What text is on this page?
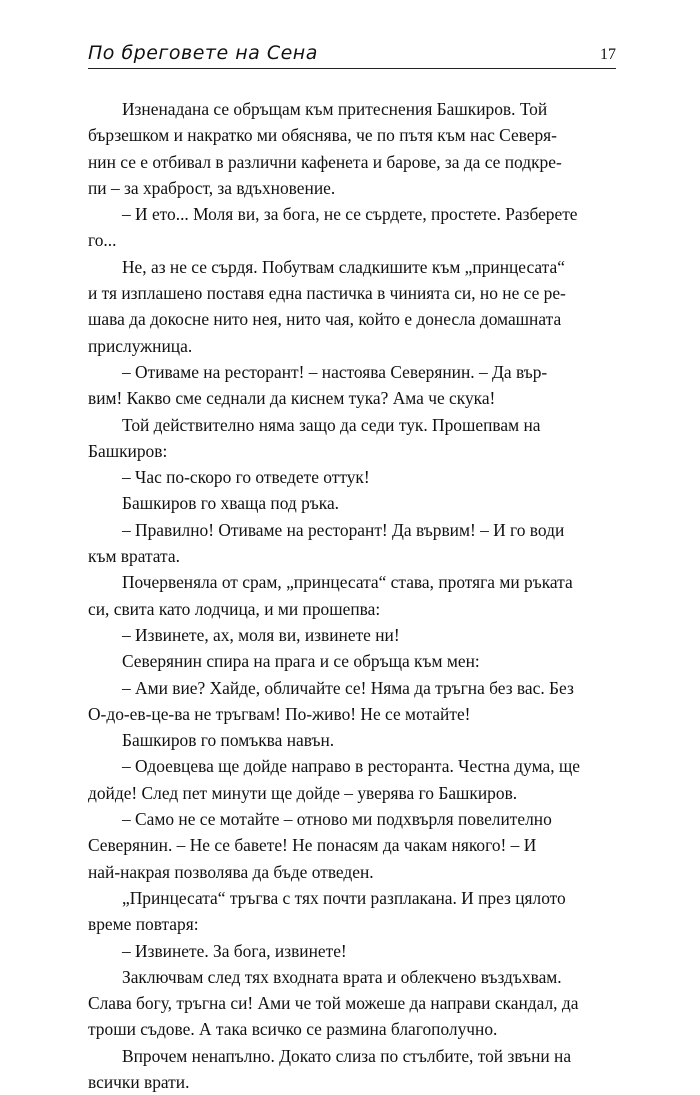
По бреговете на Сена	17
Изненадана се обръщам към притеснения Башкиров. Той
бързешком и накратко ми обяснява, че по пътя към нас Северя-
нин се е отбивал в различни кафенета и барове, за да се подкре-
пи – за храброст, за вдъхновение.
– И ето... Моля ви, за бога, не се сърдете, простете. Разберете
го...
Не, аз не се сърдя. Побутвам сладкишите към „принцесата“
и тя изплашено поставя една пастичка в чинията си, но не се ре-
шава да докосне нито нея, нито чая, който е донесла домашната
прислужница.
– Отиваме на ресторант! – настоява Северянин. – Да вър-
вим! Какво сме седнали да киснем тука? Ама че скука!
Той действително няма защо да седи тук. Прошепвам на
Башкиров:
– Час по-скоро го отведете оттук!
Башкиров го хваща под ръка.
– Правилно! Отиваме на ресторант! Да вървим! – И го води
към вратата.
Почервеняла от срам, „принцесата“ става, протяга ми ръката
си, свита като лодчица, и ми прошепва:
– Извинете, ах, моля ви, извинете ни!
Северянин спира на прага и се обръща към мен:
– Ами вие? Хайде, обличайте се! Няма да тръгна без вас. Без
О-до-ев-це-ва не тръгвам! По-живо! Не се мотайте!
Башкиров го помъква навън.
– Одоевцева ще дойде направо в ресторанта. Честна дума, ще
дойде! След пет минути ще дойде – уверява го Башкиров.
– Само не се мотайте – отново ми подхвърля повелително
Северянин. – Не се бавете! Не понасям да чакам някого! – И
най-накрая позволява да бъде отведен.
„Принцесата“ тръгва с тях почти разплакана. И през цялото
време повтаря:
– Извинете. За бога, извинете!
Заключвам след тях входната врата и облекчено въздъхвам.
Слава богу, тръгна си! Ами че той можеше да направи скандал, да
троши съдове. А така всичко се размина благополучно.
Впрочем ненапълно. Докато слиза по стълбите, той звъни на
всички врати.
